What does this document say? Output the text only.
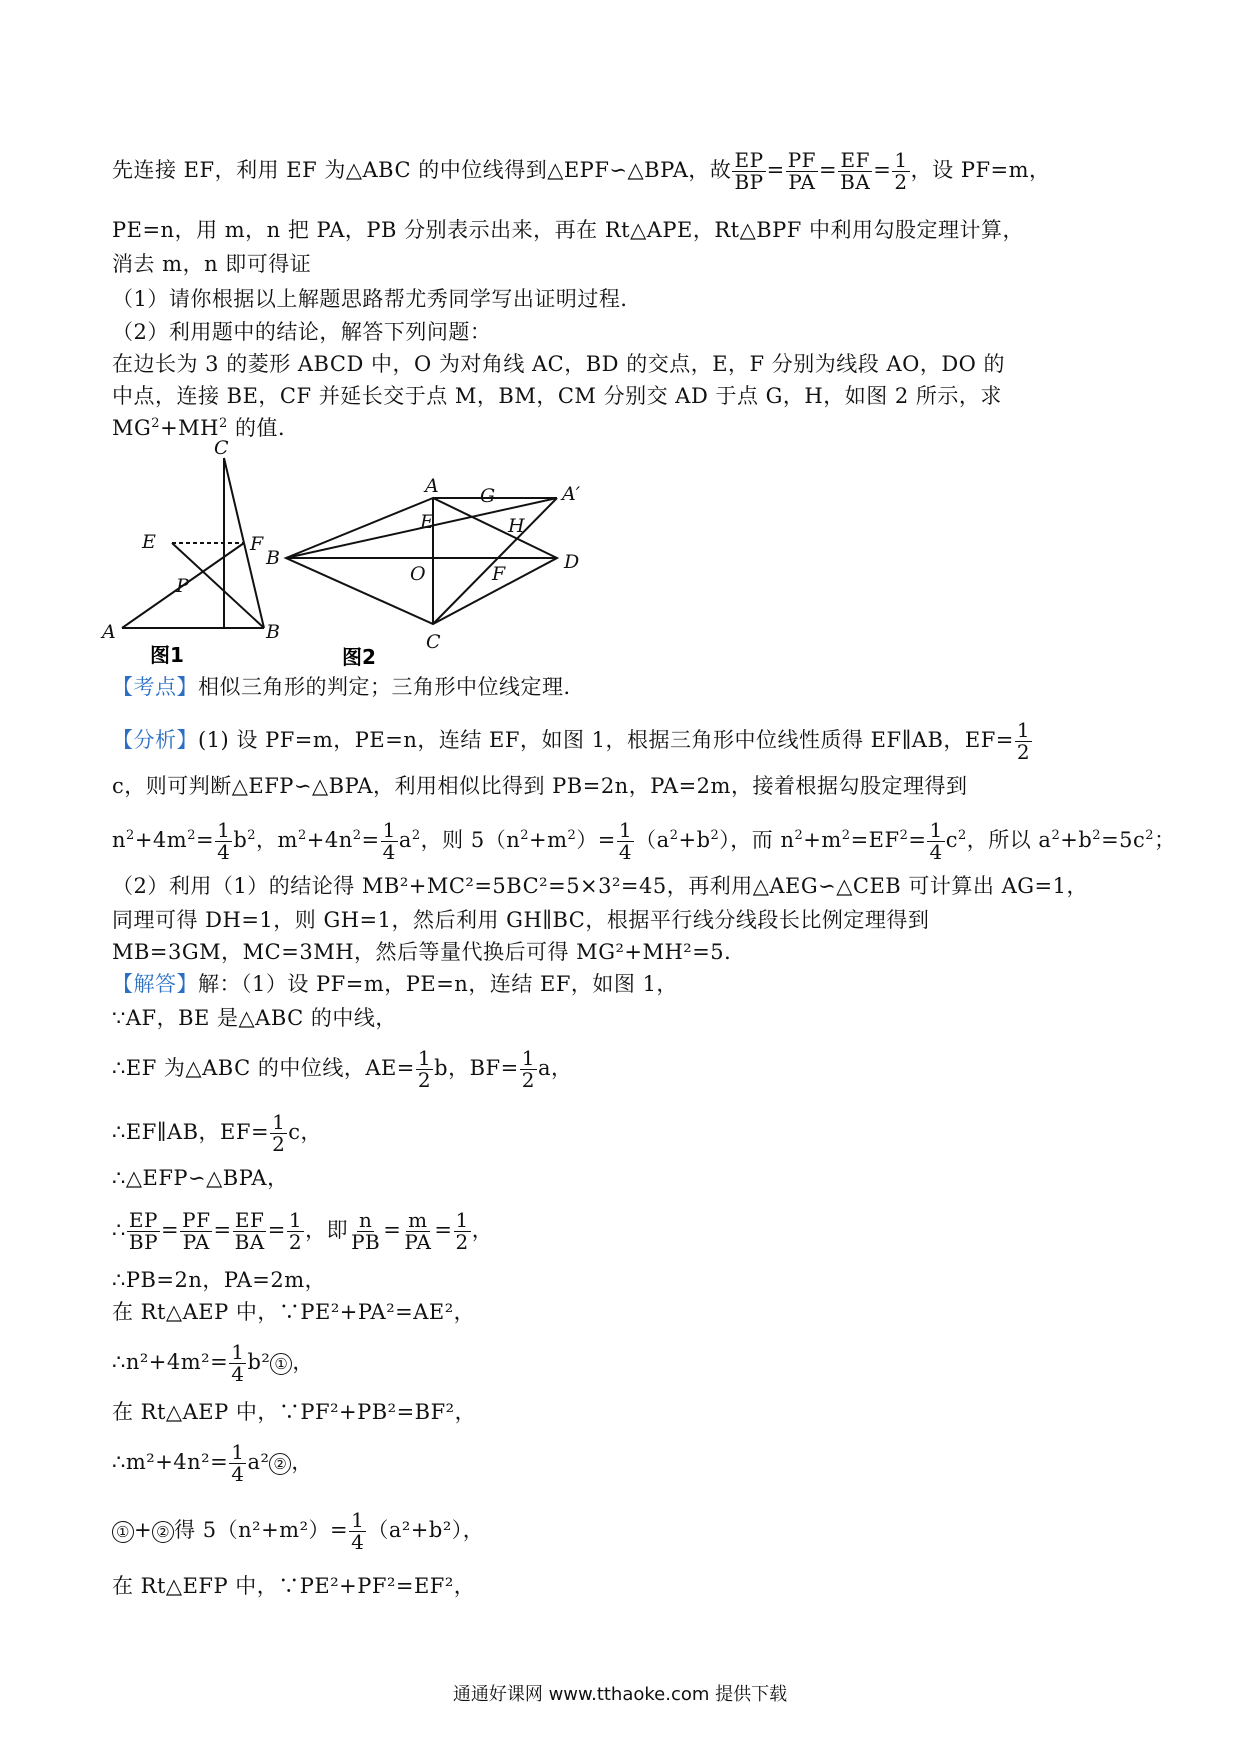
先连接 EF，利用 EF 为△ABC 的中位线得到△EPF∽△BPA，故 $\frac{EP}{BP} = \frac{PF}{PA} = \frac{EF}{BA} = \frac{1}{2}$ ，设 PF=m，
PE=n，用 m，n 把 PA，PB 分别表示出来，再在 Rt△APE，Rt△BPF 中利用勾股定理计算，
消去 m，n 即可得证
（1）请你根据以上解题思路帮尤秀同学写出证明过程．
（2）利用题中的结论，解答下列问题：
在边长为 3 的菱形 ABCD 中，O 为对角线 AC，BD 的交点，E，F 分别为线段 AO，DO 的
中点，连接 BE，CF 并延长交于点 M，BM，CM 分别交 AD 于点 G，H，如图 2 所示，求
$MG^2+MH^2$ 的值．
C
E	F
P
A	B
图1
A G	A′
E	H
B
O	F
D
C
图2
【考点】相似三角形的判定；三角形中位线定理．
【分析】(1) 设 PF=m，PE=n，连结 EF，如图 1，根据三角形中位线性质得 EF∥AB，$EF= \frac{1}{2}$
c，则可判断△EFP∽△BPA，利用相似比得到 PB=2n，PA=2m，接着根据勾股定理得到
$n^2+4m^2= \frac{1}{4} b^2$，$m^2+4n^2= \frac{1}{4} a^2$，则 $5(n^2+m^2)= \frac{1}{4} (a^2+b^2)$，而 $n^2+m^2=EF^2= \frac{1}{4} c^2$，所以 $a^2+b^2=5c^2$；
（2）利用（1）的结论得 MB²+MC²=5BC²=5×3²=45，再利用△AEG∽△CEB 可计算出 AG=1，
同理可得 DH=1，则 GH=1，然后利用 GH∥BC，根据平行线分线段长比例定理得到
MB=3GM，MC=3MH，然后等量代换后可得 MG²+MH²=5．
【解答】解：（1）设 PF=m，PE=n，连结 EF，如图 1，
∵AF，BE 是△ABC 的中线，
∴EF 为△ABC 的中位线，$AE= \frac{1}{2}$ b，$BF= \frac{1}{2}$ a，
∴EF∥AB，$EF= \frac{1}{2}$ c，
∴△EFP∽△BPA，
∴ $\frac{EP}{BP} = \frac{PF}{PA} = \frac{EF}{BA} = \frac{1}{2}$ ，即 $\frac{n}{PB} = \frac{m}{PA} = \frac{1}{2}$ ，
∴PB=2n，PA=2m，
在 Rt△AEP 中，∵PE²+PA²=AE²，
∴n²+4m²= $\frac{1}{4} b^2$ ① ，
在 Rt△AEP 中，∵PF²+PB²=BF²，
∴m²+4n²= $\frac{1}{4} a^2$ ② ，
① + ② 得 $5(n^2+m^2)= \frac{1}{4} (a^2+b^2)$，
在 Rt△EFP 中，∵PE²+PF²=EF²，
通通好课网 www.tthaoke.com 提供下载
